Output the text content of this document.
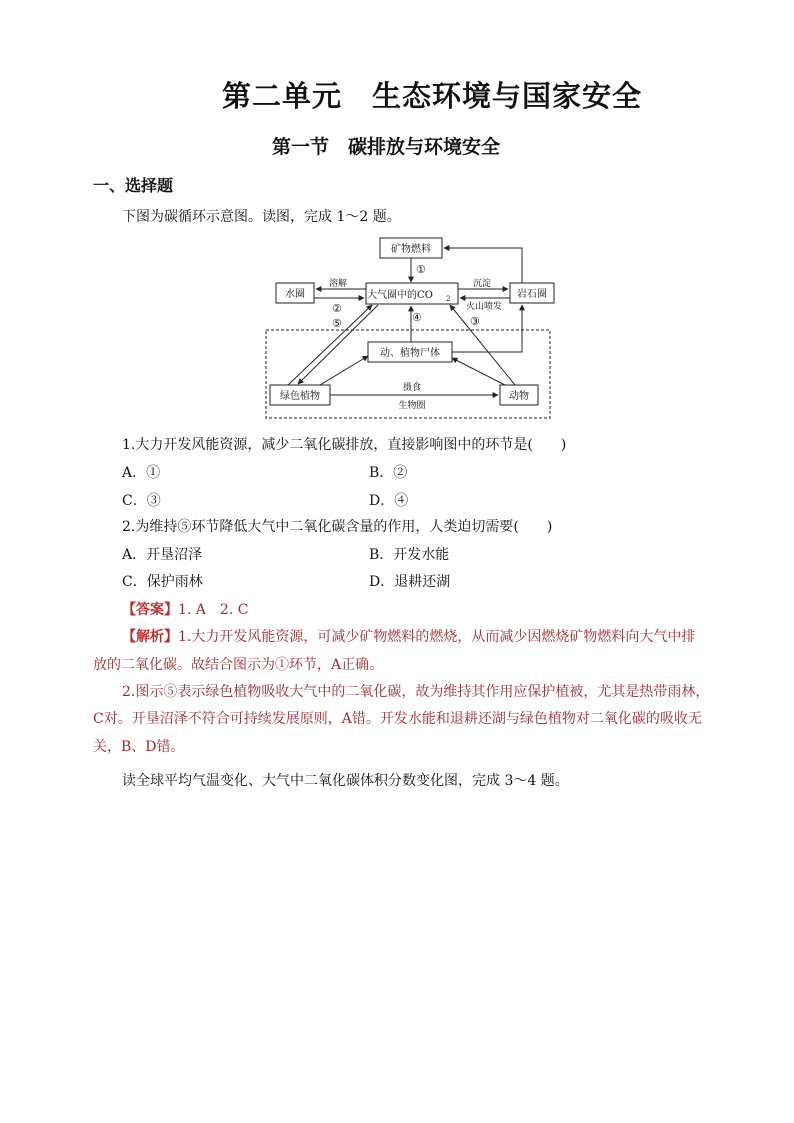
第二单元　生态环境与国家安全
第一节　碳排放与环境安全
一、选择题
下图为碳循环示意图。读图，完成 1～2 题。
矿物燃料
水圈	大气圈中的CO 2	岩石圈
动、植物尸体
绿色植物	动物
溶解	沉淀
火山喷发
摄食
生物圈
①
②
③
④
⑤
1.大力开发风能资源，减少二氧化碳排放，直接影响图中的环节是(　　)
A．①	B．②
C．③	D．④
2.为维持⑤环节降低大气中二氧化碳含量的作用，人类迫切需要(　　)
A．开垦沼泽	B．开发水能
C．保护雨林	D．退耕还湖
【答案】1. A　2. C
【解析】1.大力开发风能资源，可减少矿物燃料的燃烧，从而减少因燃烧矿物燃料向大气中排
放的二氧化碳。故结合图示为①环节，A正确。
2.图示⑤表示绿色植物吸收大气中的二氧化碳，故为维持其作用应保护植被，尤其是热带雨林，
C对。开垦沼泽不符合可持续发展原则，A错。开发水能和退耕还湖与绿色植物对二氧化碳的吸收无
关，B、D错。
读全球平均气温变化、大气中二氧化碳体积分数变化图，完成 3～4 题。
